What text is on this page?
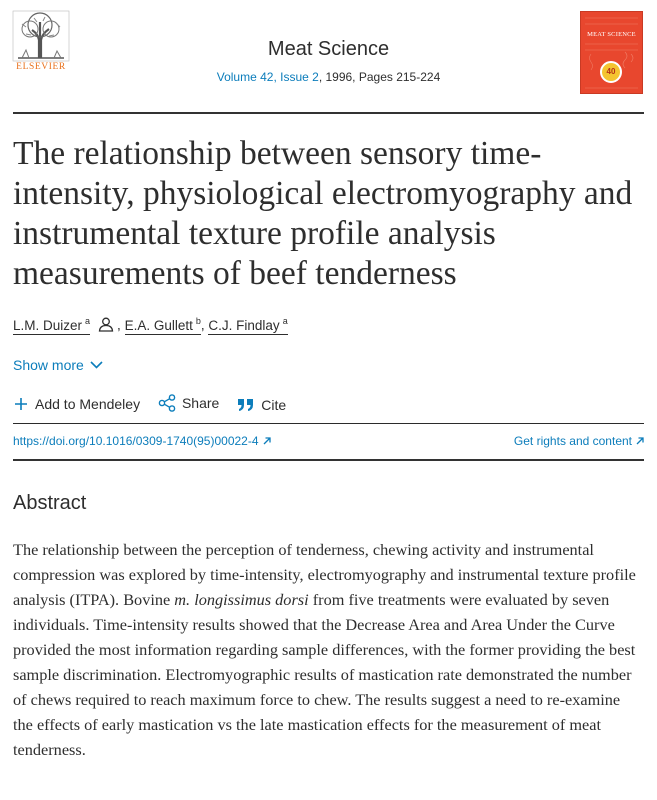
ELSEVIER
Meat Science
Volume 42, Issue 2, 1996, Pages 215-224
MEAT SCIENCE
40
The relationship between sensory time-intensity, physiological electromyography and instrumental texture profile analysis measurements of beef tenderness
L.M. Duizer $^a$ , E.A. Gullett $^b$, C.J. Findlay $^a$
Show more
Add to Mendeley
	Share
	Cite
https://doi.org/10.1016/0309-1740(95)00022-4	Get rights and content
Abstract

The relationship between the perception of tenderness, chewing activity and instrumental compression was explored by time-intensity, electromyography and instrumental texture profile analysis (ITPA). Bovine m. longissimus dorsi from five treatments were evaluated by seven individuals. Time-intensity results showed that the Decrease Area and Area Under the Curve provided the most information regarding sample differences, with the former providing the best sample discrimination. Electromyographic results of mastication rate demonstrated the number of chews required to reach maximum force to chew. The results suggest a need to re-examine the effects of early mastication vs the late mastication effects for the measurement of meat tenderness.
